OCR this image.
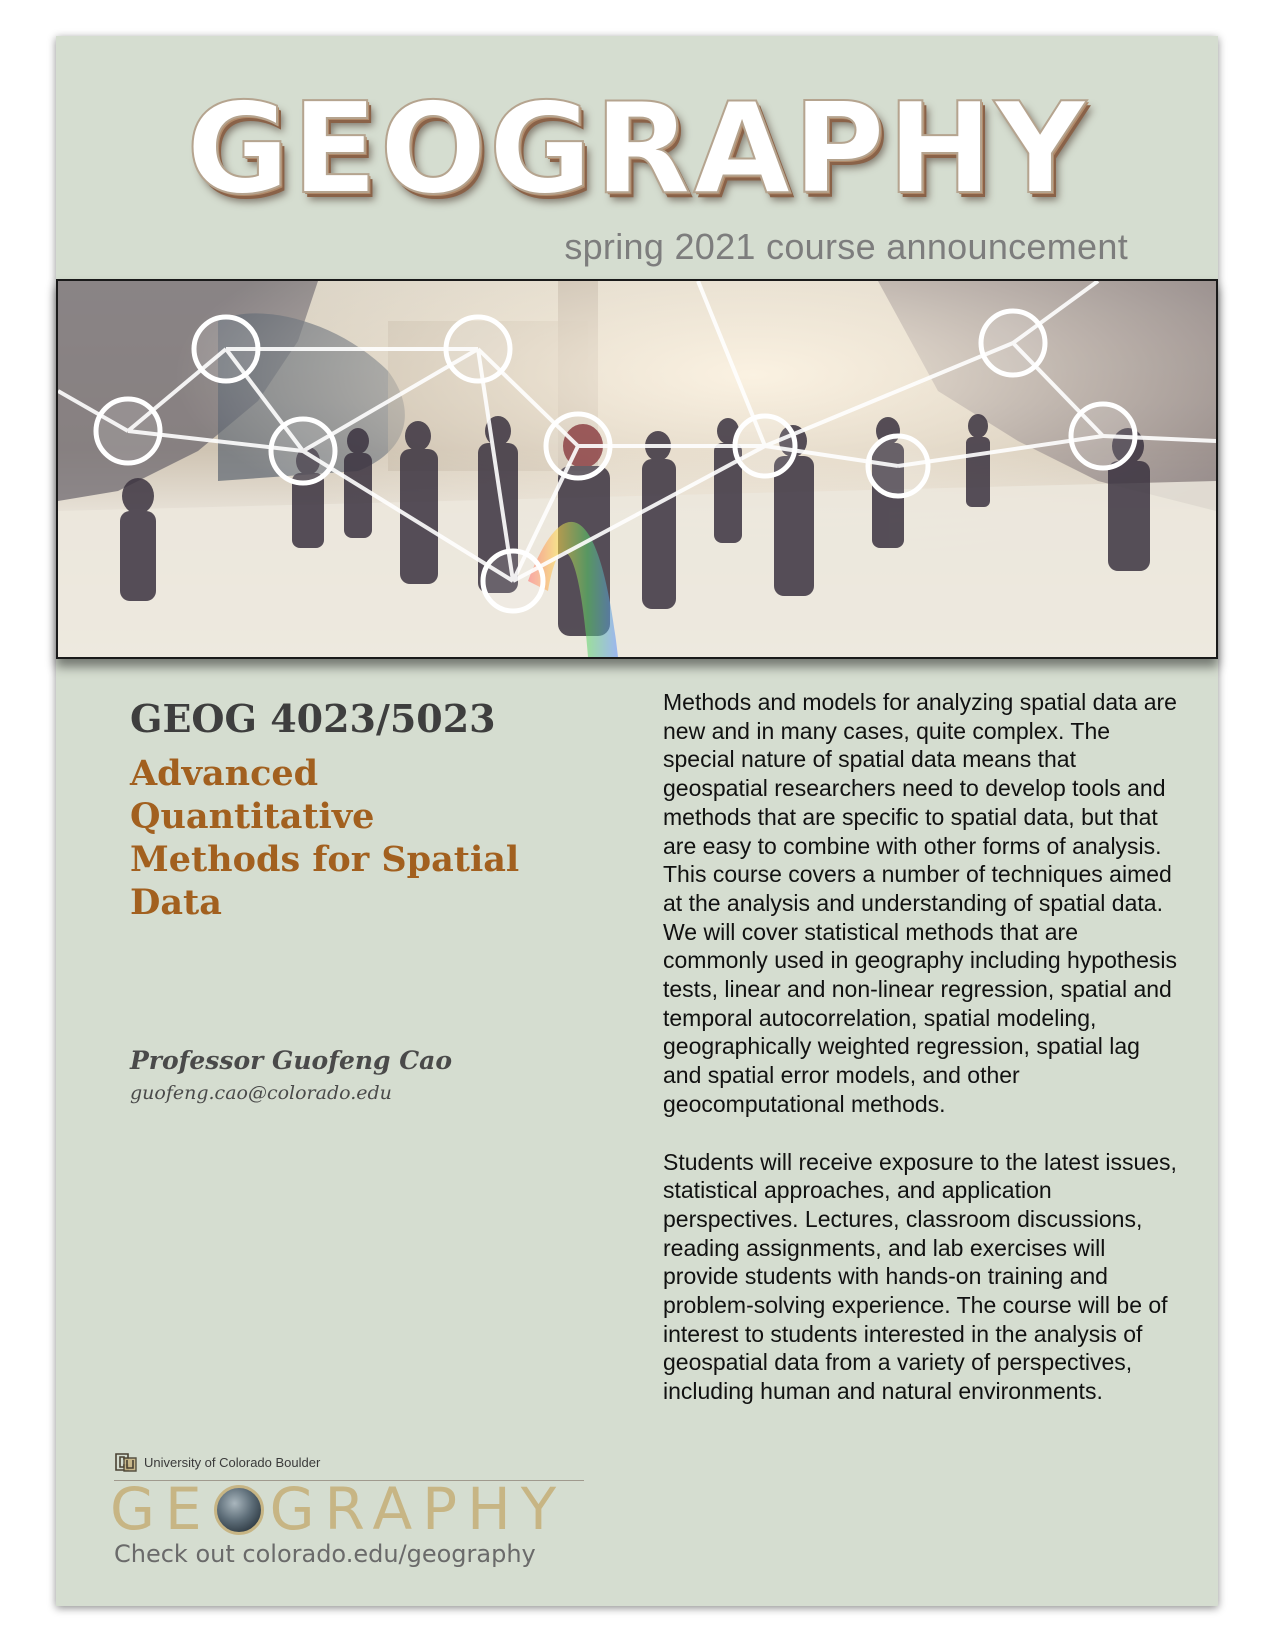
GEOGRAPHY
spring 2021 course announcement
GEOG 4023/5023
Advanced Quantitative Methods for Spatial Data
Professor Guofeng Cao
guofeng.cao@colorado.edu

Methods and models for analyzing spatial data are new and in many cases, quite complex. The special nature of spatial data means that geospatial researchers need to develop tools and methods that are specific to spatial data, but that are easy to combine with other forms of analysis. This course covers a number of techniques aimed at the analysis and understanding of spatial data. We will cover statistical methods that are commonly used in geography including hypothesis tests, linear and non-linear regression, spatial and temporal autocorrelation, spatial modeling, geographically weighted regression, spatial lag and spatial error models, and other geocomputational methods.

Students will receive exposure to the latest issues, statistical approaches, and application perspectives. Lectures, classroom discussions, reading assignments, and lab exercises will provide students with hands-on training and problem-solving experience. The course will be of interest to students interested in the analysis of geospatial data from a variety of perspectives, including human and natural environments.

University of Colorado Boulder
GE GRAPHY
Check out colorado.edu/geography
